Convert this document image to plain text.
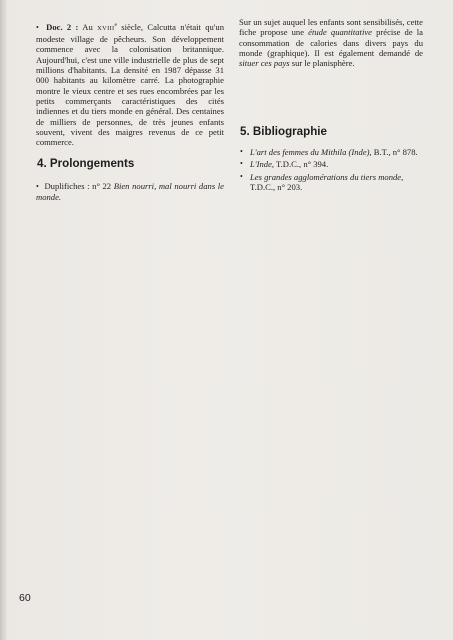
• Doc. 2 : Au XVIIIe siècle, Calcutta n'était qu'un modeste village de pêcheurs. Son développement commence avec la colonisation britannique. Aujourd'hui, c'est une ville industrielle de plus de sept millions d'habitants. La densité en 1987 dépasse 31 000 habitants au kilomètre carré. La photographie montre le vieux centre et ses rues encombrées par les petits commerçants caractéristiques des cités indiennes et du tiers monde en général. Des centaines de milliers de personnes, de très jeunes enfants souvent, vivent des maigres revenus de ce petit commerce.

4. Prolongements

• Duplifiches : n° 22 Bien nourri, mal nourri dans le monde.

Sur un sujet auquel les enfants sont sensibilisés, cette fiche propose une étude quantitative précise de la consommation de calories dans divers pays du monde (graphique). Il est également demandé de situer ces pays sur le planisphère.

5. Bibliographie
• L'art des femmes du Mithila (Inde), B.T., n° 878.
• L'Inde, T.D.C., n° 394.
• Les grandes agglomérations du tiers monde, T.D.C., n° 203.
60
